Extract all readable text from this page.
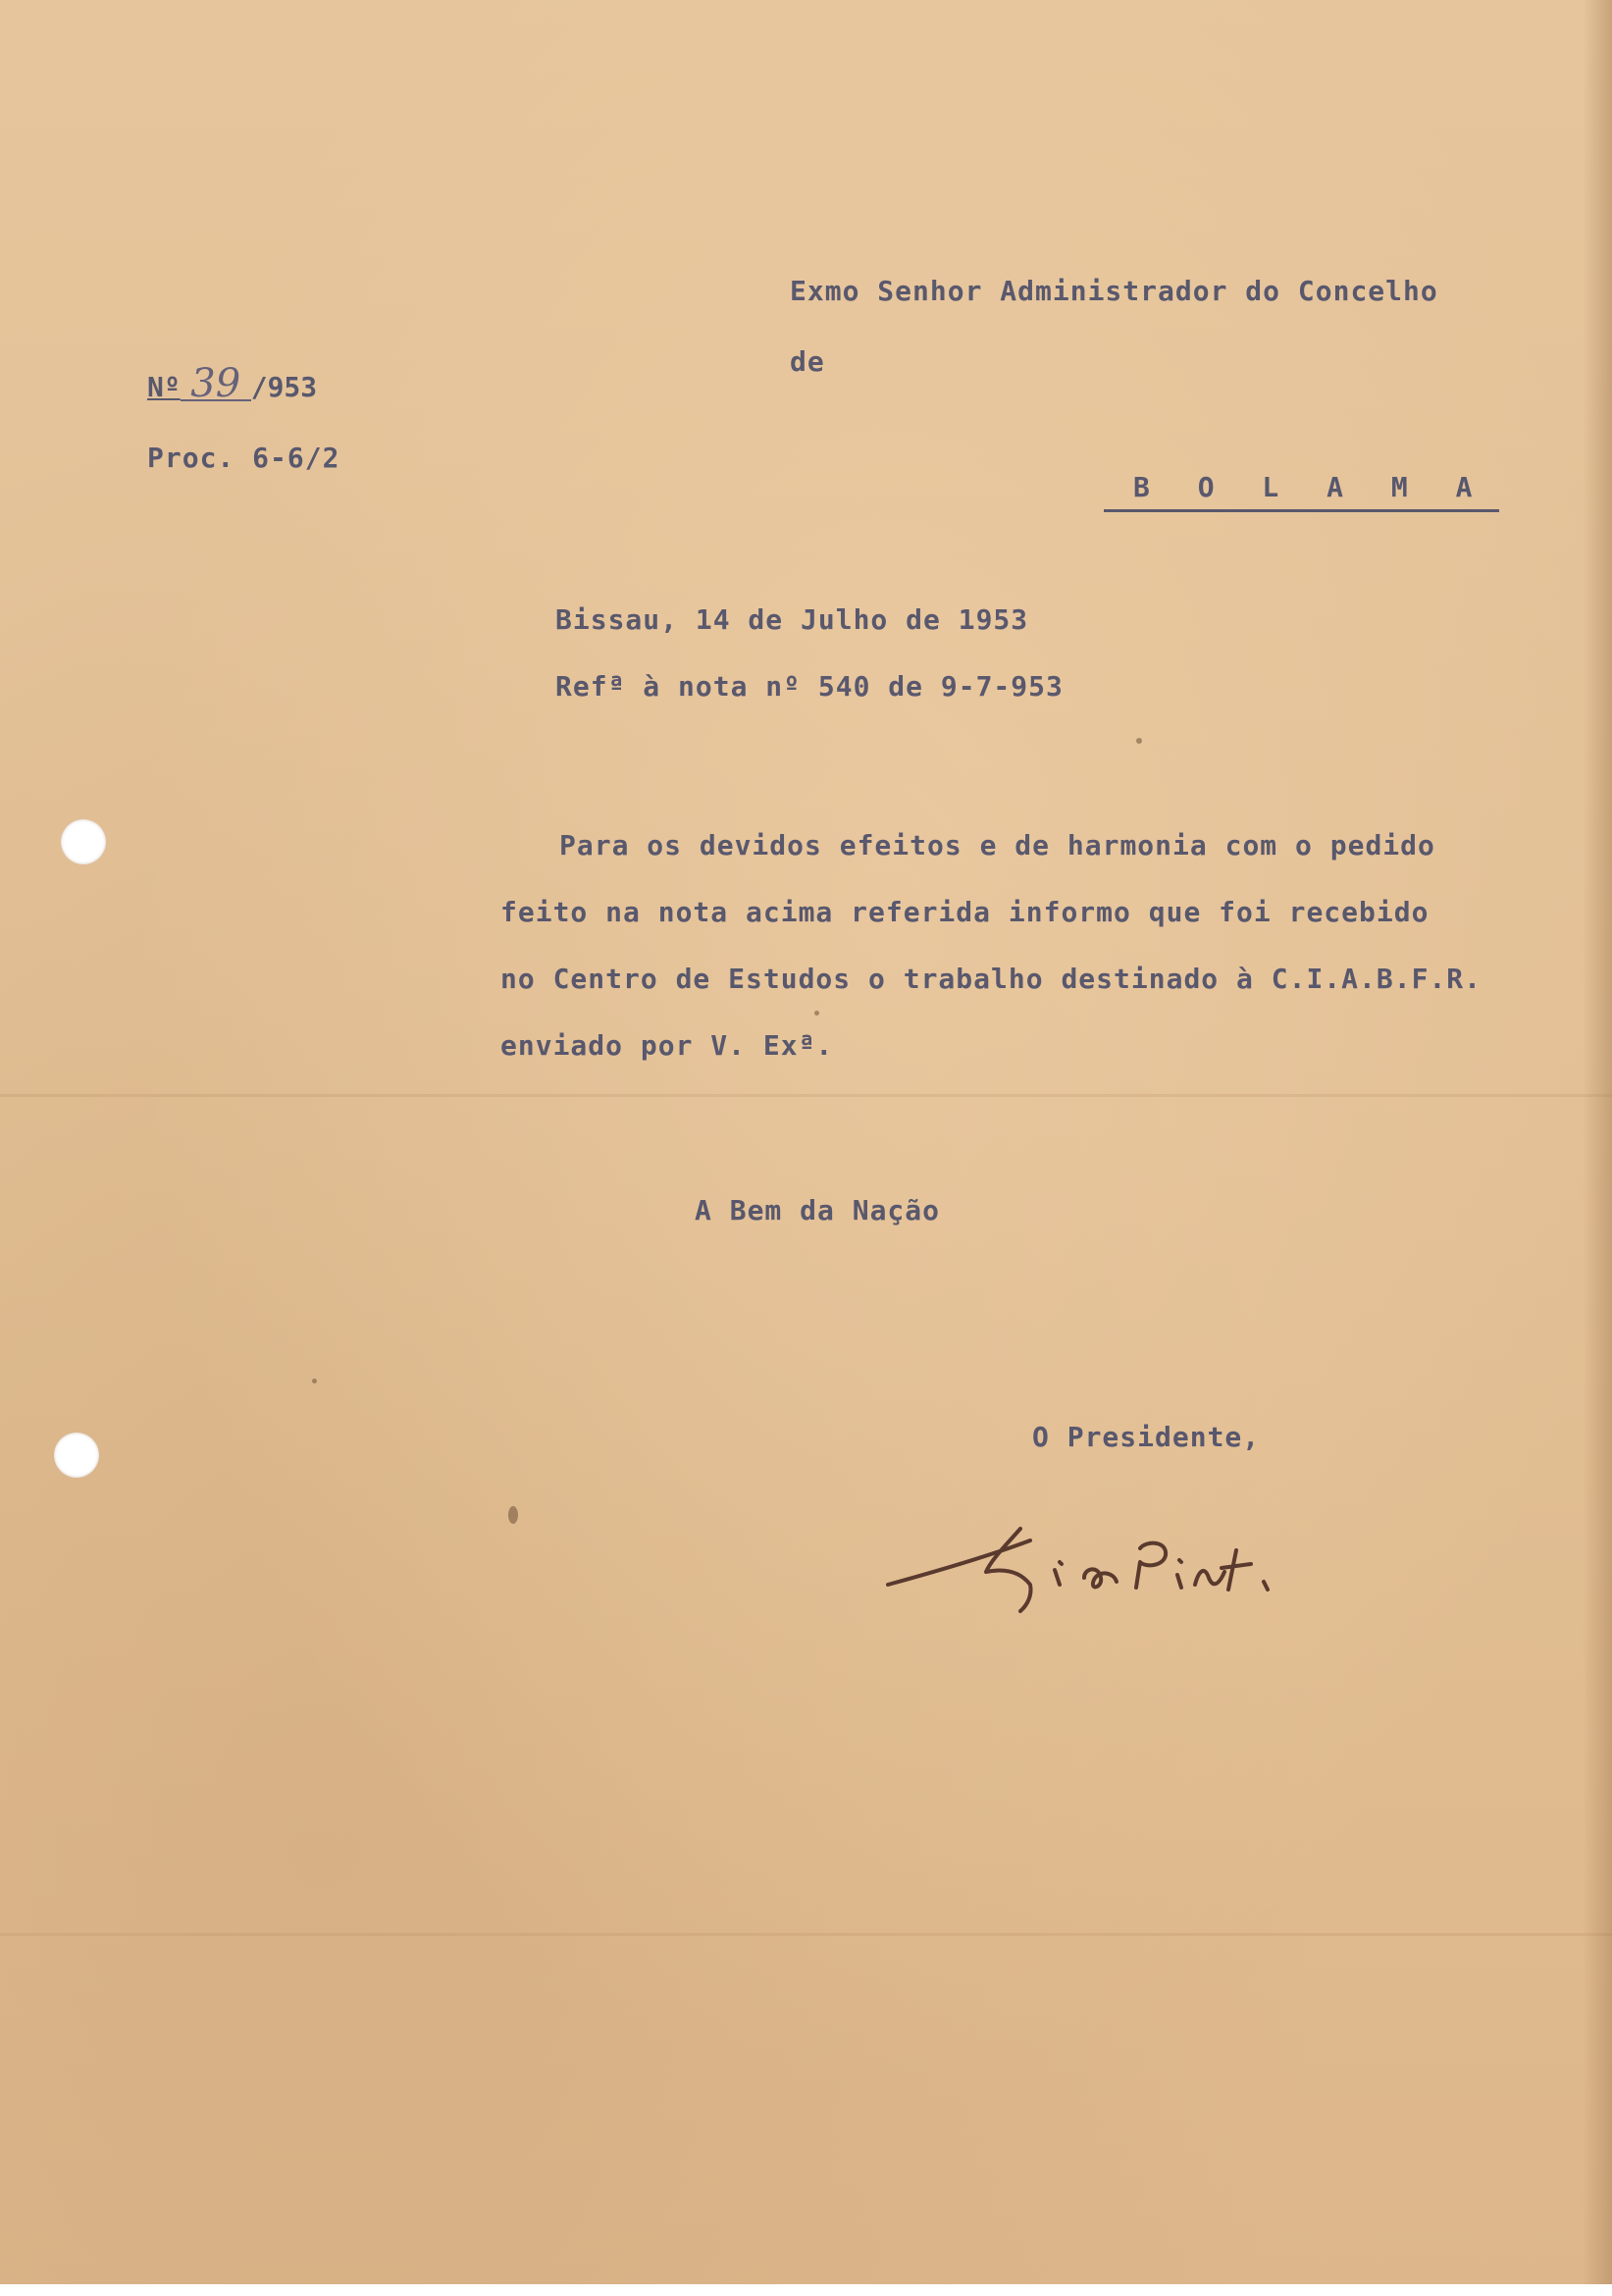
Exmo Senhor Administrador do Concelho
de
Nº 39 /953
Proc. 6-6/2
B O L A M A
Bissau, 14 de Julho de 1953
Refª à nota nº 540 de 9-7-953
Para os devidos efeitos e de harmonia com o pedido
feito na nota acima referida informo que foi recebido
no Centro de Estudos o trabalho destinado à C.I.A.B.F.R.
enviado por V. Exª.
A Bem da Nação
O Presidente,
